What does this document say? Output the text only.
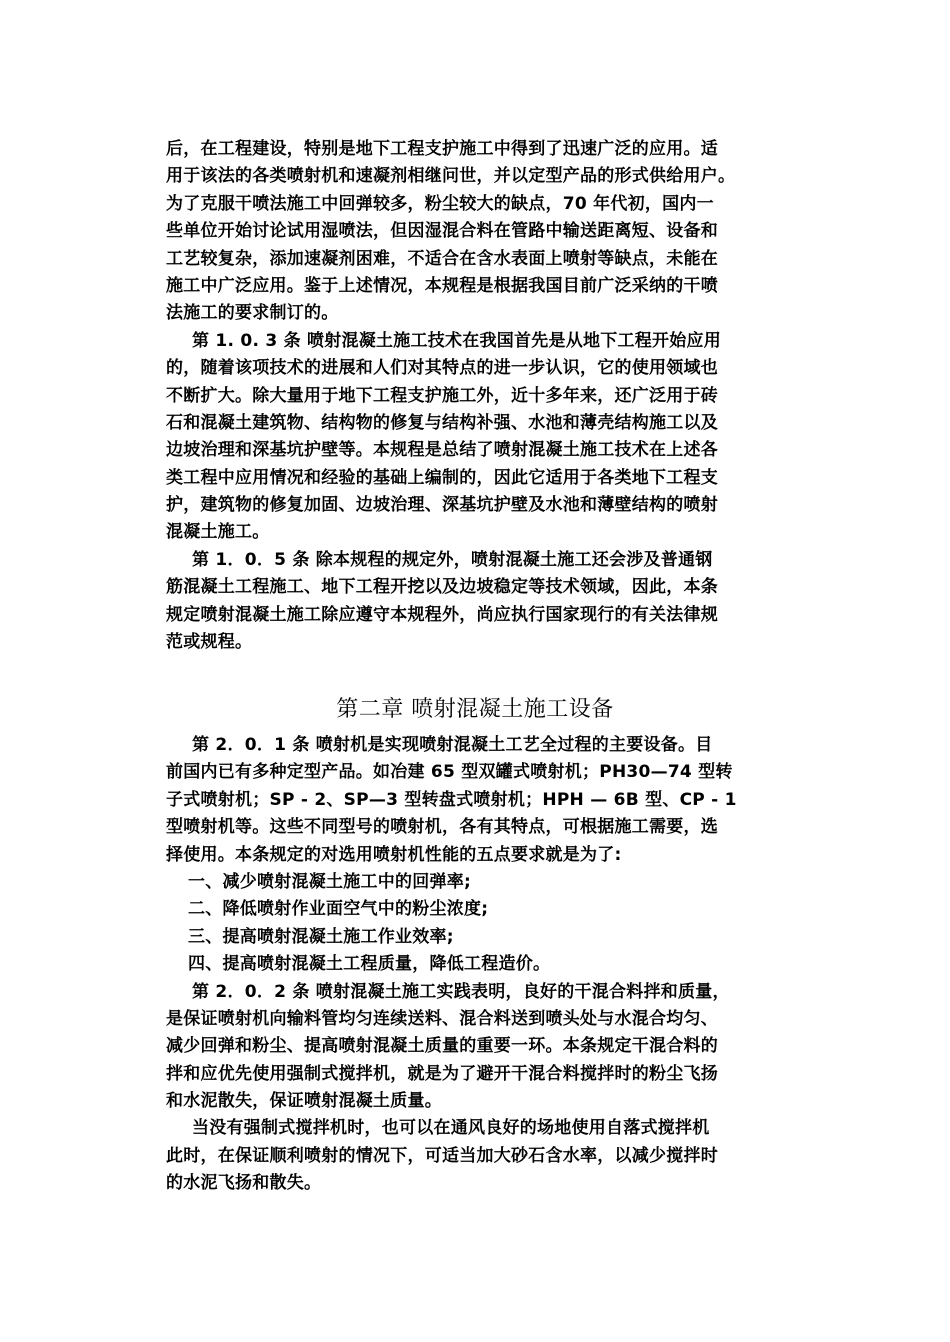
后，在工程建设，特别是地下工程支护施工中得到了迅速广泛的应用。适
用于该法的各类喷射机和速凝剂相继问世，并以定型产品的形式供给用户。
为了克服干喷法施工中回弹较多，粉尘较大的缺点，70 年代初，国内一
些单位开始讨论试用湿喷法，但因湿混合料在管路中输送距离短、设备和
工艺较复杂，添加速凝剂困难，不适合在含水表面上喷射等缺点，未能在
施工中广泛应用。鉴于上述情况，本规程是根据我国目前广泛采纳的干喷
法施工的要求制订的。
第 1. 0. 3 条 喷射混凝土施工技术在我国首先是从地下工程开始应用
的，随着该项技术的进展和人们对其特点的进一步认识，它的使用领域也
不断扩大。除大量用于地下工程支护施工外，近十多年来，还广泛用于砖
石和混凝土建筑物、结构物的修复与结构补强、水池和薄壳结构施工以及
边坡治理和深基坑护壁等。本规程是总结了喷射混凝土施工技术在上述各
类工程中应用情况和经验的基础上编制的，因此它适用于各类地下工程支
护，建筑物的修复加固、边坡治理、深基坑护壁及水池和薄壁结构的喷射
混凝土施工。
第 1．0．5 条 除本规程的规定外，喷射混凝土施工还会涉及普通钢
筋混凝土工程施工、地下工程开挖以及边坡稳定等技术领域，因此，本条
规定喷射混凝土施工除应遵守本规程外，尚应执行国家现行的有关法律规
范或规程。
第二章 喷射混凝土施工设备
第 2．0．1 条 喷射机是实现喷射混凝土工艺全过程的主要设备。目
前国内已有多种定型产品。如冶建 65 型双罐式喷射机；PH30—74 型转
子式喷射机；SP - 2、SP—3 型转盘式喷射机；HPH — 6B 型、CP - 1
型喷射机等。这些不同型号的喷射机，各有其特点，可根据施工需要，选
择使用。本条规定的对选用喷射机性能的五点要求就是为了:
一、减少喷射混凝土施工中的回弹率;
二、降低喷射作业面空气中的粉尘浓度;
三、提高喷射混凝土施工作业效率;
四、提高喷射混凝土工程质量，降低工程造价。
第 2．0．2 条 喷射混凝土施工实践表明，良好的干混合料拌和质量，
是保证喷射机向输料管均匀连续送料、混合料送到喷头处与水混合均匀、
减少回弹和粉尘、提高喷射混凝土质量的重要一环。本条规定干混合料的
拌和应优先使用强制式搅拌机，就是为了避开干混合料搅拌时的粉尘飞扬
和水泥散失，保证喷射混凝土质量。
当没有强制式搅拌机时，也可以在通风良好的场地使用自落式搅拌机
此时，在保证顺利喷射的情况下，可适当加大砂石含水率，以减少搅拌时
的水泥飞扬和散失。
